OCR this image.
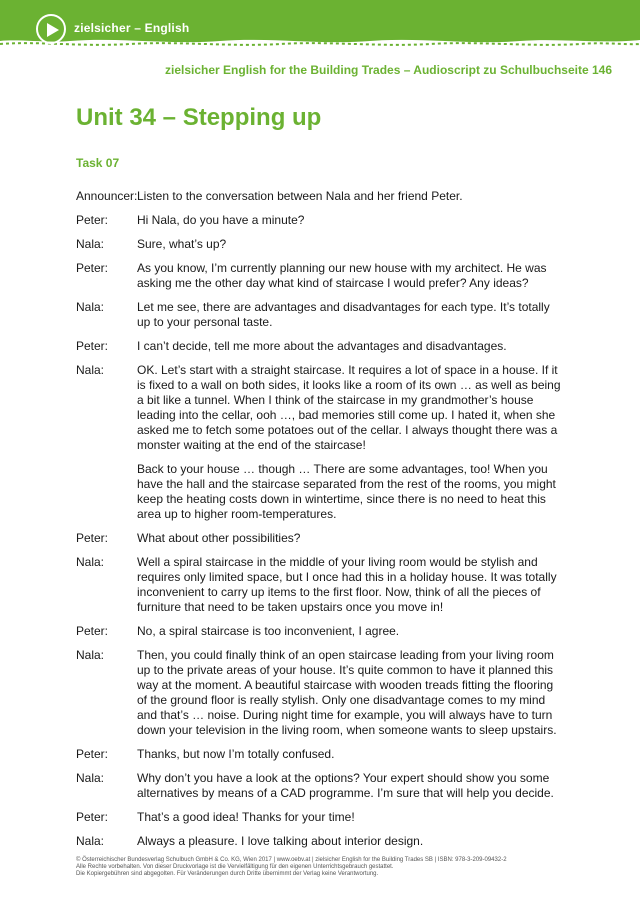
zielsicher – English
zielsicher English for the Building Trades – Audioscript zu Schulbuchseite 146
Unit 34 – Stepping up
Task 07
Announcer: Listen to the conversation between Nala and her friend Peter.
Peter:	Hi Nala, do you have a minute?
Nala:	Sure, what’s up?
Peter:	As you know, I’m currently planning our new house with my architect. He was asking me the other day what kind of staircase I would prefer? Any ideas?
Nala:	Let me see, there are advantages and disadvantages for each type. It’s totally up to your personal taste.
Peter:	I can’t decide, tell me more about the advantages and disadvantages.
Nala:	OK. Let’s start with a straight staircase. It requires a lot of space in a house. If it is fixed to a wall on both sides, it looks like a room of its own … as well as being a bit like a tunnel. When I think of the staircase in my grandmother’s house leading into the cellar, ooh …, bad memories still come up. I hated it, when she asked me to fetch some potatoes out of the cellar. I always thought there was a monster waiting at the end of the staircase!
Back to your house … though … There are some advantages, too! When you have the hall and the staircase separated from the rest of the rooms, you might keep the heating costs down in wintertime, since there is no need to heat this area up to higher room-temperatures.
Peter:	What about other possibilities?
Nala:	Well a spiral staircase in the middle of your living room would be stylish and requires only limited space, but I once had this in a holiday house. It was totally inconvenient to carry up items to the first floor. Now, think of all the pieces of furniture that need to be taken upstairs once you move in!
Peter:	No, a spiral staircase is too inconvenient, I agree.
Nala:	Then, you could finally think of an open staircase leading from your living room up to the private areas of your house. It’s quite common to have it planned this way at the moment. A beautiful staircase with wooden treads fitting the flooring of the ground floor is really stylish. Only one disadvantage comes to my mind and that’s … noise. During night time for example, you will always have to turn down your television in the living room, when someone wants to sleep upstairs.
Peter:	Thanks, but now I’m totally confused.
Nala:	Why don’t you have a look at the options? Your expert should show you some alternatives by means of a CAD programme. I’m sure that will help you decide.
Peter:	That’s a good idea! Thanks for your time!
Nala:	Always a pleasure. I love talking about interior design.
© Österreichischer Bundesverlag Schulbuch GmbH & Co. KG, Wien 2017 | www.oebv.at | zielsicher English for the Building Trades SB | ISBN: 978-3-209-09432-2
Alle Rechte vorbehalten. Von dieser Druckvorlage ist die Vervielfältigung für den eigenen Unterrichtsgebrauch gestattet.
Die Kopiergebühren sind abgegolten. Für Veränderungen durch Dritte übernimmt der Verlag keine Verantwortung.
